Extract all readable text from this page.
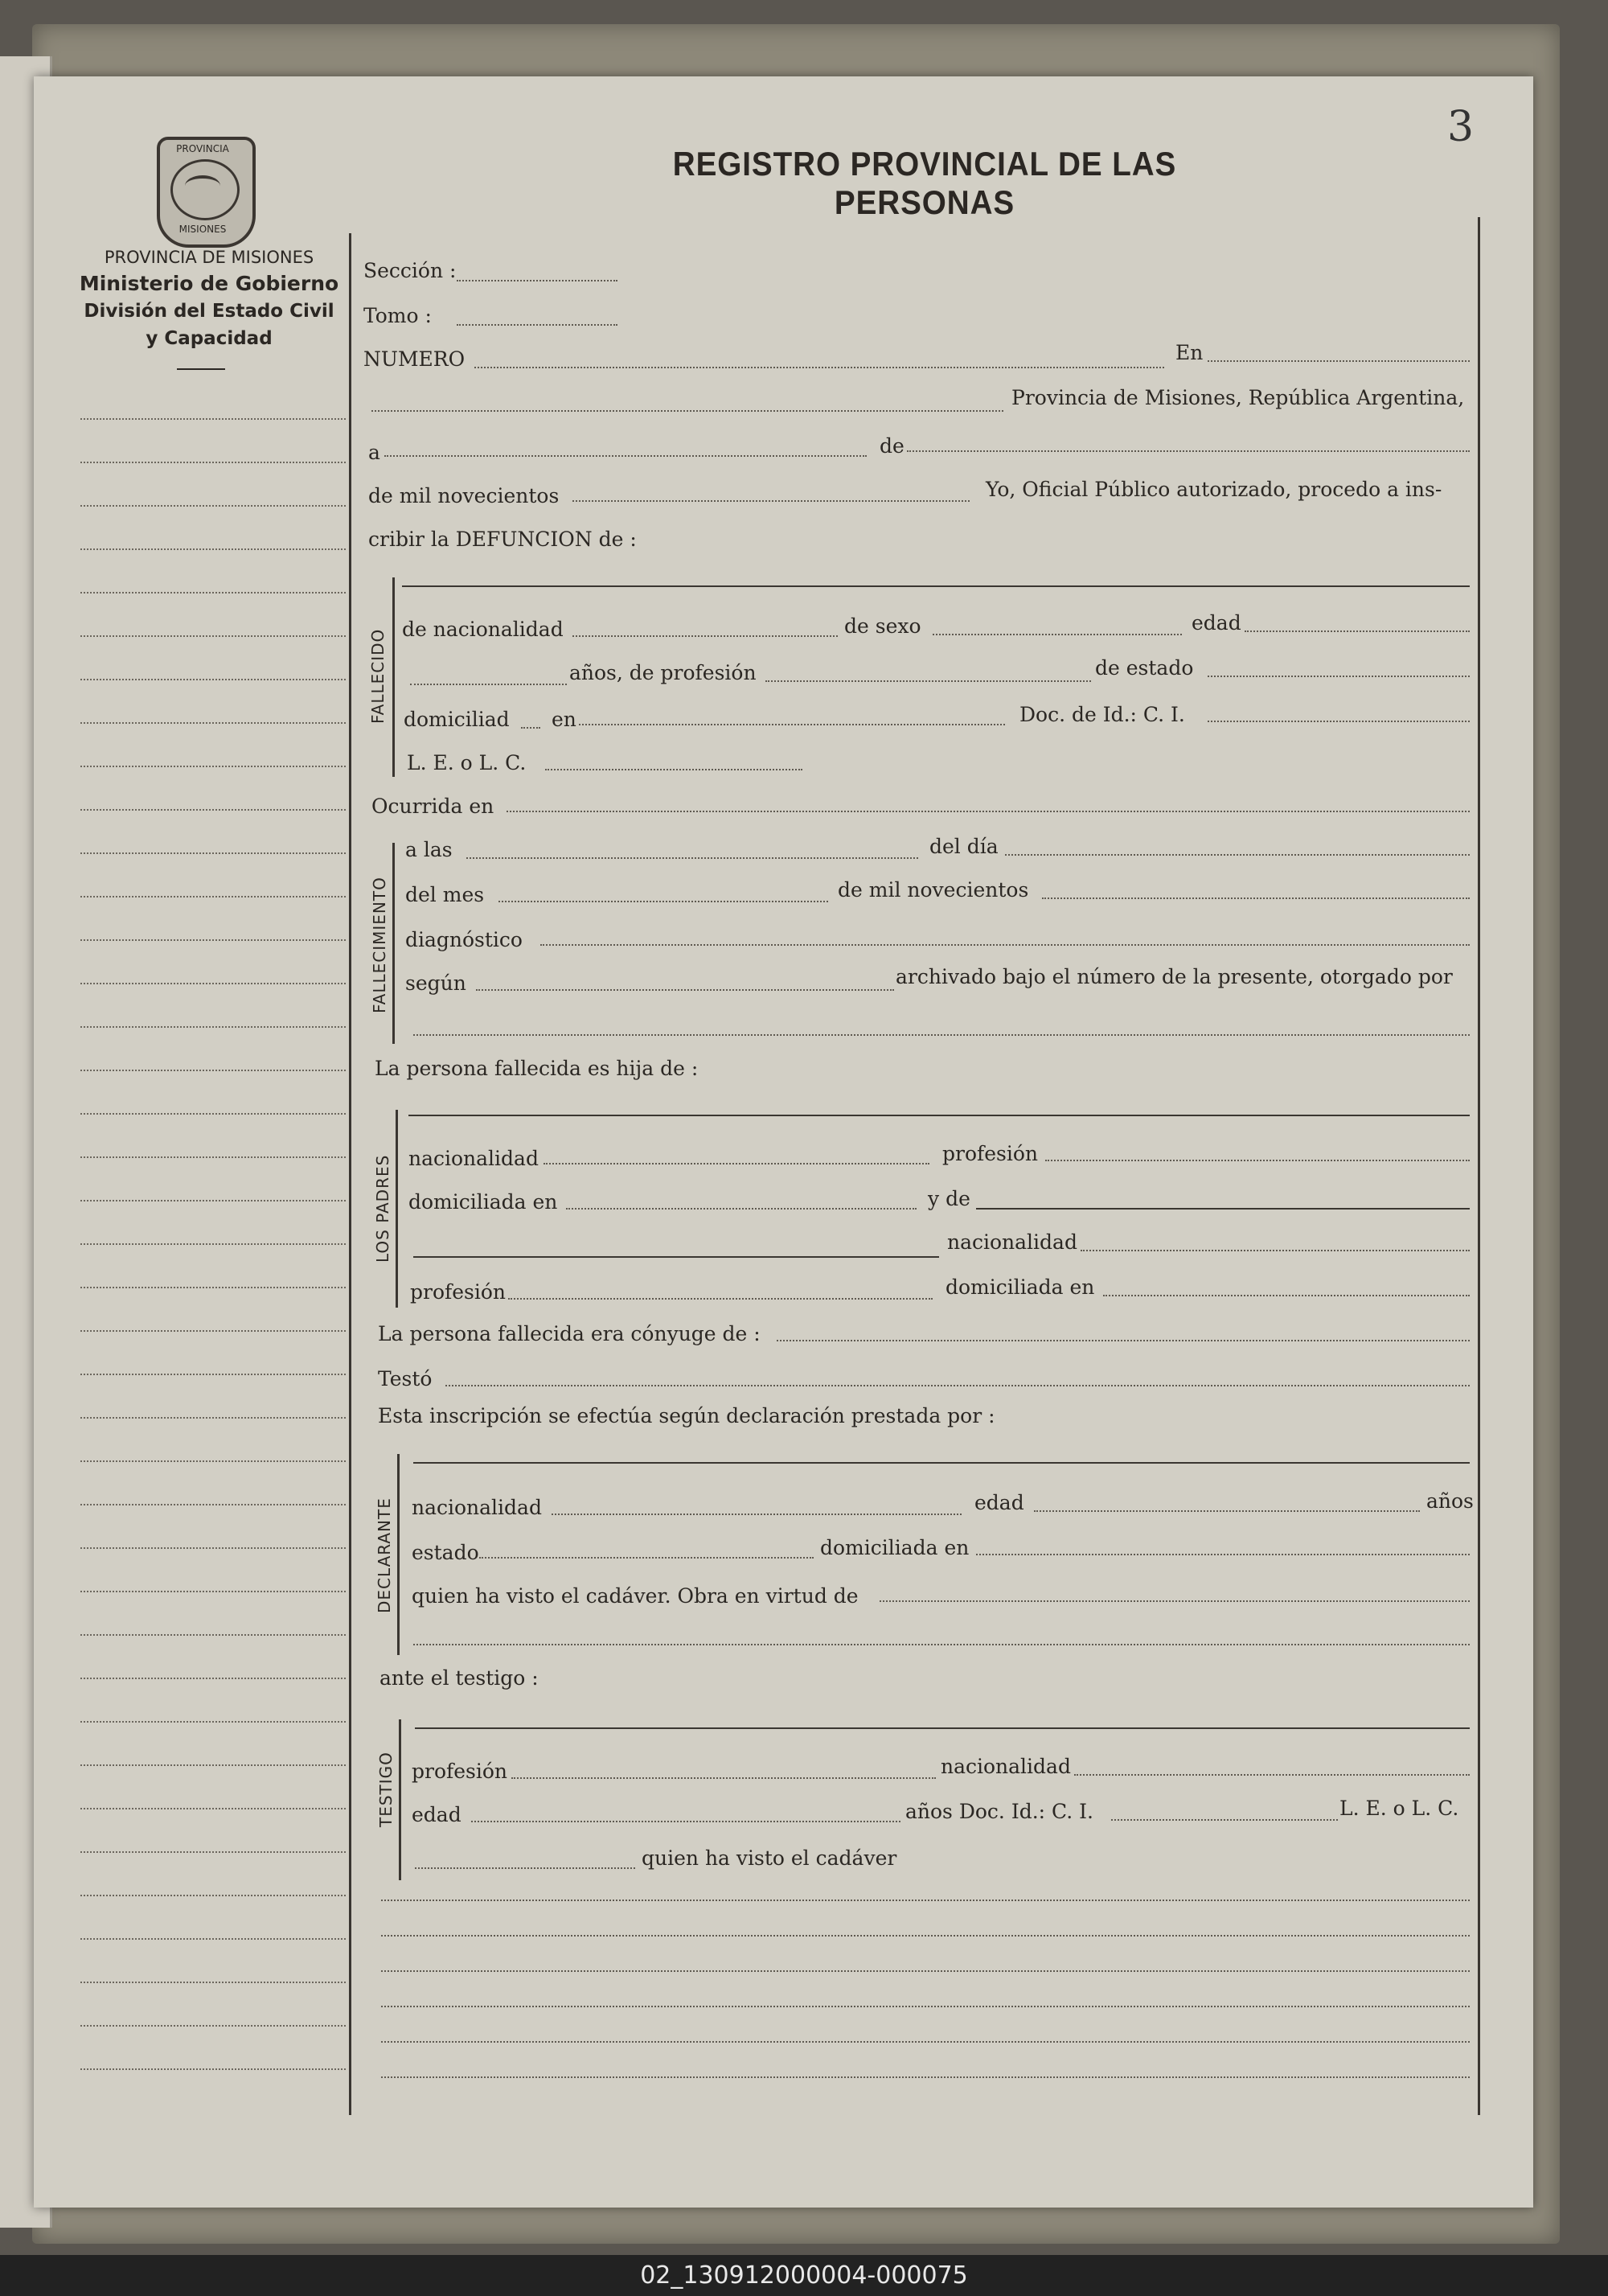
3
REGISTRO PROVINCIAL DE LAS PERSONAS
PROVINCIA
MISIONES
PROVINCIA DE MISIONES
Ministerio de Gobierno
División del Estado Civil
y Capacidad
Sección :
Tomo :
NUMERO	En
Provincia de Misiones, República Argentina,
a	de
de mil novecientos	Yo, Oficial Público autorizado, procedo a ins-
cribir la DEFUNCION de :
FALLECIDO de nacionalidad	de sexo	edad
años, de profesión	de estado
domiciliad en	Doc. de Id.: C. I.
L. E. o L. C.
Ocurrida en
FALLECIMIENTO
a las	del día
del mes	de mil novecientos
diagnóstico
según	archivado bajo el número de la presente, otorgado por
La persona fallecida es hija de :
LOS PADRES nacionalidad	profesión
domiciliada en	y de
nacionalidad
profesión	domiciliada en
La persona fallecida era cónyuge de :
Testó
Esta inscripción se efectúa según declaración prestada por :
DECLARANTE nacionalidad	edad	años
estado	domiciliada en
quien ha visto el cadáver. Obra en virtud de
ante el testigo :
TESTIGO profesión	nacionalidad
edad	años Doc. Id.: C. I.	L. E. o L. C.
quien ha visto el cadáver
02_130912000004-000075
